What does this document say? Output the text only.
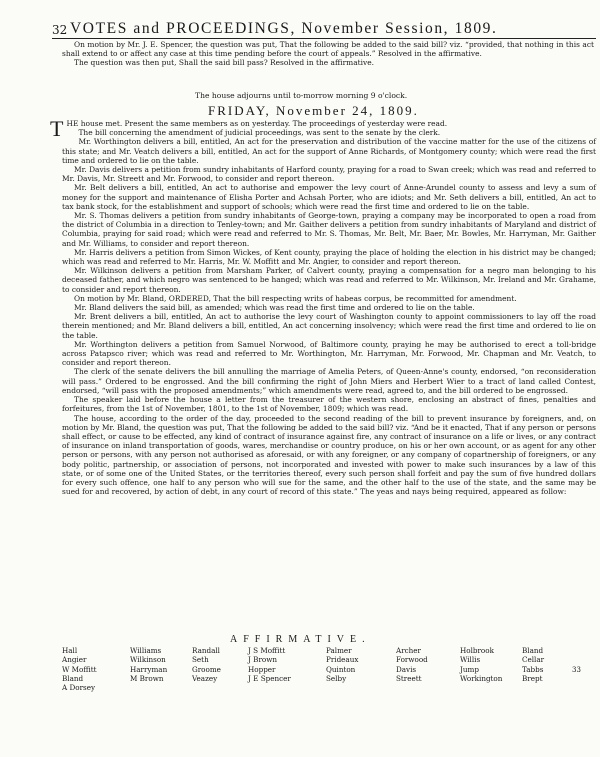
32 VOTES and PROCEEDINGS, November Session, 1809.

On motion by Mr. J. E. Spencer, the question was put, That the following be added to the said bill? viz. “provided, that nothing in this act shall extend to or affect any case at this time pending before the court of appeals.” Resolved in the affirmative.

The question was then put, Shall the said bill pass? Resolved in the affirmative.

The house adjourns until to-morrow morning 9 o'clock.
FRIDAY, November 24, 1809.

THE house met. Present the same members as on yesterday. The proceedings of yesterday were read.

The bill concerning the amendment of judicial proceedings, was sent to the senate by the clerk.

Mr. Worthington delivers a bill, entitled, An act for the preservation and distribution of the vaccine matter for the use of the citizens of this state; and Mr. Veatch delivers a bill, entitled, An act for the support of Anne Richards, of Montgomery county; which were read the first time and ordered to lie on the table.

Mr. Davis delivers a petition from sundry inhabitants of Harford county, praying for a road to Swan creek; which was read and referred to Mr. Davis, Mr. Streett and Mr. Forwood, to consider and report thereon.

Mr. Belt delivers a bill, entitled, An act to authorise and empower the levy court of Anne-Arundel county to assess and levy a sum of money for the support and maintenance of Elisha Porter and Achsah Porter, who are idiots; and Mr. Seth delivers a bill, entitled, An act to tax bank stock, for the establishment and support of schools; which were read the first time and ordered to lie on the table.

Mr. S. Thomas delivers a petition from sundry inhabitants of George-town, praying a company may be incorporated to open a road from the district of Columbia in a direction to Tenley-town; and Mr. Gaither delivers a petition from sundry inhabitants of Maryland and district of Columbia, praying for said road; which were read and referred to Mr. S. Thomas, Mr. Belt, Mr. Baer, Mr. Bowles, Mr. Harryman, Mr. Gaither and Mr. Williams, to consider and report thereon.

Mr. Harris delivers a petition from Simon Wickes, of Kent county, praying the place of holding the election in his district may be changed; which was read and referred to Mr. Harris, Mr. W. Moffitt and Mr. Angier, to consider and report thereon.

Mr. Wilkinson delivers a petition from Marsham Parker, of Calvert county, praying a compensation for a negro man belonging to his deceased father, and which negro was sentenced to be hanged; which was read and referred to Mr. Wilkinson, Mr. Ireland and Mr. Grahame, to consider and report thereon.

On motion by Mr. Bland, ORDERED, That the bill respecting writs of habeas corpus, be recommitted for amendment.

Mr. Bland delivers the said bill, as amended; which was read the first time and ordered to lie on the table.

Mr. Brent delivers a bill, entitled, An act to authorise the levy court of Washington county to appoint commissioners to lay off the road therein mentioned; and Mr. Bland delivers a bill, entitled, An act concerning insolvency; which were read the first time and ordered to lie on the table.

Mr. Worthington delivers a petition from Samuel Norwood, of Baltimore county, praying he may be authorised to erect a toll-bridge across Patapsco river; which was read and referred to Mr. Worthington, Mr. Harryman, Mr. Forwood, Mr. Chapman and Mr. Veatch, to consider and report thereon.

The clerk of the senate delivers the bill annulling the marriage of Amelia Peters, of Queen-Anne's county, endorsed, “on reconsideration will pass.” Ordered to be engrossed. And the bill confirming the right of John Miers and Herbert Wier to a tract of land called Contest, endorsed, “will pass with the proposed amendments;” which amendments were read, agreed to, and the bill ordered to be engrossed.

The speaker laid before the house a letter from the treasurer of the western shore, enclosing an abstract of fines, penalties and forfeitures, from the 1st of November, 1801, to the 1st of November, 1809; which was read.

The house, according to the order of the day, proceeded to the second reading of the bill to prevent insurance by foreigners, and, on motion by Mr. Bland, the question was put, That the following be added to the said bill? viz. “And be it enacted, That if any person or persons shall effect, or cause to be effected, any kind of contract of insurance against fire, any contract of insurance on a life or lives, or any contract of insurance on inland transportation of goods, wares, merchandise or country produce, on his or her own account, or as agent for any other person or persons, with any person not authorised as aforesaid, or with any foreigner, or any company of copartnership of foreigners, or any body politic, partnership, or association of persons, not incorporated and invested with power to make such insurances by a law of this state, or of some one of the United States, or the territories thereof, every such person shall forfeit and pay the sum of five hundred dollars for every such offence, one half to any person who will sue for the same, and the other half to the use of the state, and the same may be sued for and recovered, by action of debt, in any court of record of this state.” The yeas and nays being required, appeared as follow:

AFFIRMATIVE.
Hall
Angier
W Moffitt
Bland
A Dorsey
Williams
Wilkinson
Harryman
M Brown
Randall
Seth
Groome
Veazey
J S Moffitt
J Brown
Hopper
J E Spencer
Palmer
Prideaux
Quinton
Selby
Archer
Forwood
Davis
Streett
Holbrook
Willis
Jump
Workington
Bland
Cellar
Tabbs
Brept
33
